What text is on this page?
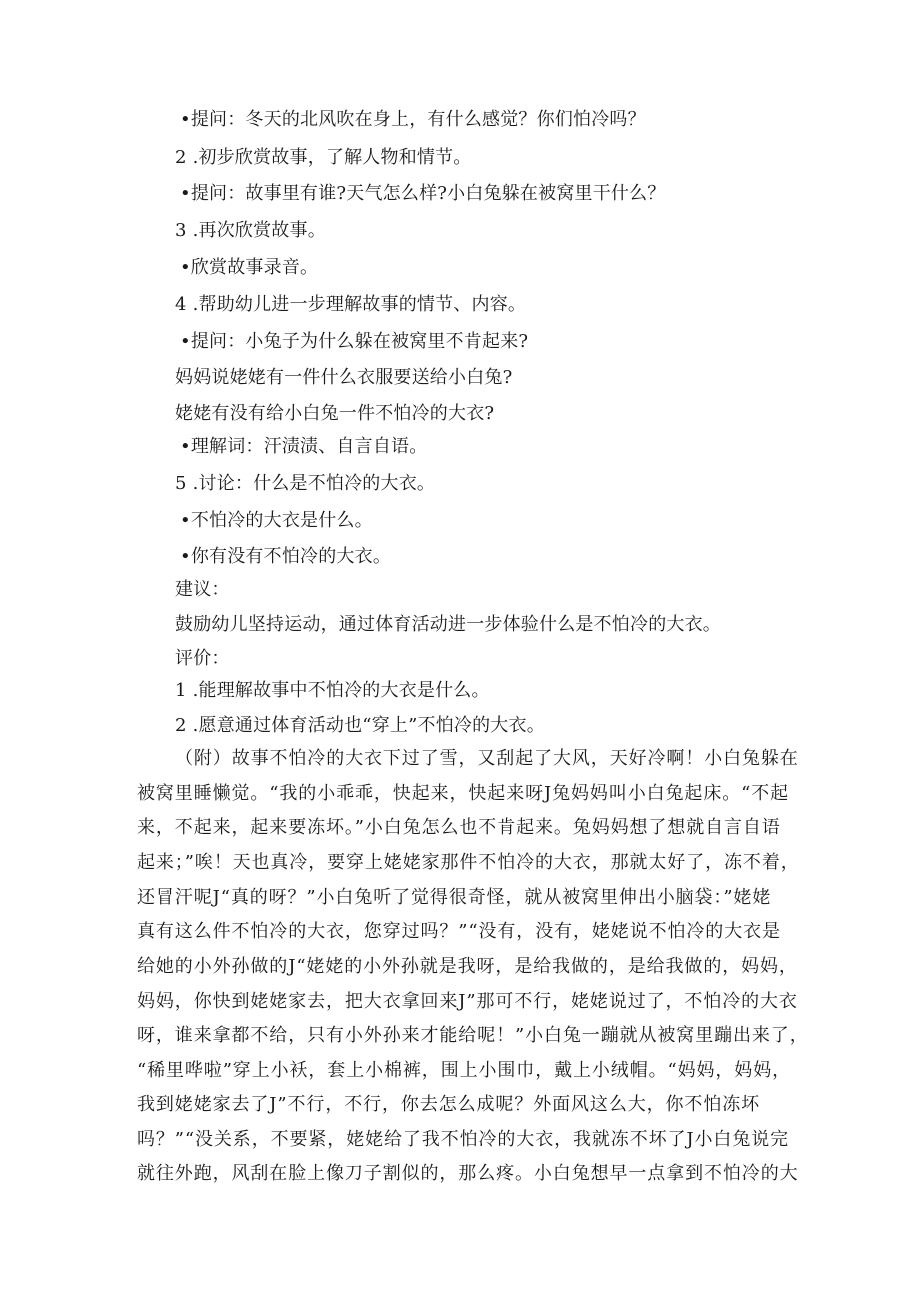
•提问：冬天的北风吹在身上，有什么感觉？你们怕冷吗？
2 .初步欣赏故事，了解人物和情节。
•提问：故事里有谁?天气怎么样?小白兔躲在被窝里干什么？
3 .再次欣赏故事。
•欣赏故事录音。
4 .帮助幼儿进一步理解故事的情节、内容。
•提问：小兔子为什么躲在被窝里不肯起来?
妈妈说姥姥有一件什么衣服要送给小白兔?
姥姥有没有给小白兔一件不怕冷的大衣?
•理解词：汗渍渍、自言自语。
5 .讨论：什么是不怕冷的大衣。
•不怕冷的大衣是什么。
•你有没有不怕冷的大衣。
建议：
鼓励幼儿坚持运动，通过体育活动进一步体验什么是不怕冷的大衣。
评价：
1 .能理解故事中不怕冷的大衣是什么。
2 .愿意通过体育活动也“穿上”不怕冷的大衣。
（附）故事不怕冷的大衣下过了雪，又刮起了大风，天好冷啊！小白兔躲在
被窝里睡懒觉。“我的小乖乖，快起来，快起来呀J兔妈妈叫小白兔起床。“不起
来，不起来，起来要冻坏。”小白兔怎么也不肯起来。兔妈妈想了想就自言自语
起来；”唉！天也真冷，要穿上姥姥家那件不怕冷的大衣，那就太好了，冻不着，
还冒汗呢J“真的呀？”小白兔听了觉得很奇怪，就从被窝里伸出小脑袋：”姥姥
真有这么件不怕冷的大衣，您穿过吗？”“没有，没有，姥姥说不怕冷的大衣是
给她的小外孙做的J“姥姥的小外孙就是我呀，是给我做的，是给我做的，妈妈，
妈妈，你快到姥姥家去，把大衣拿回来J”那可不行，姥姥说过了，不怕冷的大衣
呀，谁来拿都不给，只有小外孙来才能给呢！”小白兔一蹦就从被窝里蹦出来了，
“稀里哗啦”穿上小袄，套上小棉裤，围上小围巾，戴上小绒帽。“妈妈，妈妈，
我到姥姥家去了J”不行，不行，你去怎么成呢？外面风这么大，你不怕冻坏
吗？”“没关系，不要紧，姥姥给了我不怕冷的大衣，我就冻不坏了J小白兔说完
就往外跑，风刮在脸上像刀子割似的，那么疼。小白兔想早一点拿到不怕冷的大
